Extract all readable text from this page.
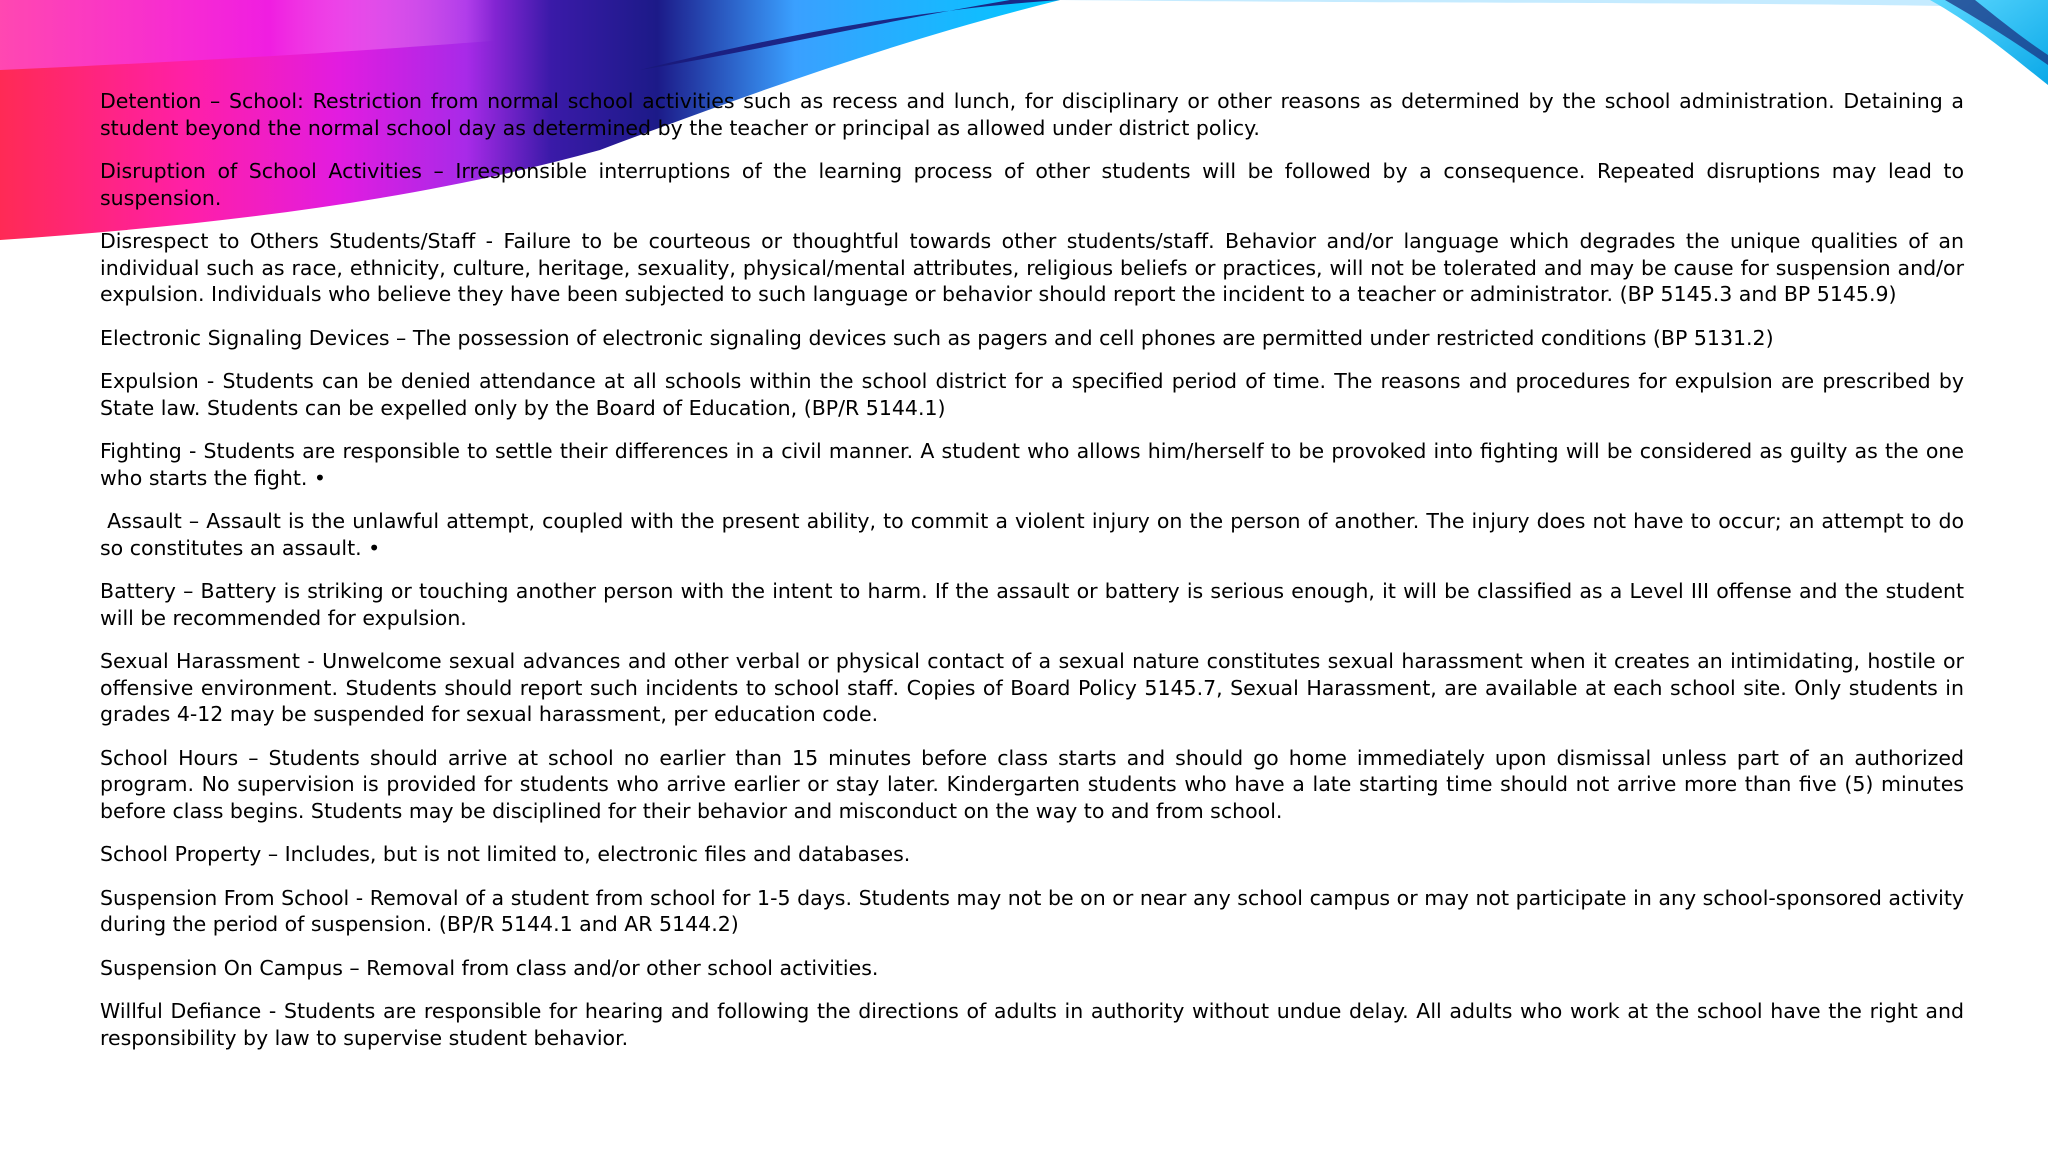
Detention – School: Restriction from normal school activities such as recess and lunch, for disciplinary or other reasons as determined by the school administration. Detaining a student beyond the normal school day as determined by the teacher or principal as allowed under district policy.

Disruption of School Activities – Irresponsible interruptions of the learning process of other students will be followed by a consequence. Repeated disruptions may lead to suspension.

Disrespect to Others Students/Staff - Failure to be courteous or thoughtful towards other students/staff. Behavior and/or language which degrades the unique qualities of an individual such as race, ethnicity, culture, heritage, sexuality, physical/mental attributes, religious beliefs or practices, will not be tolerated and may be cause for suspension and/or expulsion. Individuals who believe they have been subjected to such language or behavior should report the incident to a teacher or administrator. (BP 5145.3 and BP 5145.9)

Electronic Signaling Devices – The possession of electronic signaling devices such as pagers and cell phones are permitted under restricted conditions (BP 5131.2)

Expulsion - Students can be denied attendance at all schools within the school district for a specified period of time. The reasons and procedures for expulsion are prescribed by State law. Students can be expelled only by the Board of Education, (BP/R 5144.1)

Fighting - Students are responsible to settle their differences in a civil manner. A student who allows him/herself to be provoked into fighting will be considered as guilty as the one who starts the fight. •

Assault – Assault is the unlawful attempt, coupled with the present ability, to commit a violent injury on the person of another. The injury does not have to occur; an attempt to do so constitutes an assault. •

Battery – Battery is striking or touching another person with the intent to harm. If the assault or battery is serious enough, it will be classified as a Level III offense and the student will be recommended for expulsion.

Sexual Harassment - Unwelcome sexual advances and other verbal or physical contact of a sexual nature constitutes sexual harassment when it creates an intimidating, hostile or offensive environment. Students should report such incidents to school staff. Copies of Board Policy 5145.7, Sexual Harassment, are available at each school site. Only students in grades 4-12 may be suspended for sexual harassment, per education code.

School Hours – Students should arrive at school no earlier than 15 minutes before class starts and should go home immediately upon dismissal unless part of an authorized program. No supervision is provided for students who arrive earlier or stay later. Kindergarten students who have a late starting time should not arrive more than five (5) minutes before class begins. Students may be disciplined for their behavior and misconduct on the way to and from school.

School Property – Includes, but is not limited to, electronic files and databases.

Suspension From School - Removal of a student from school for 1-5 days. Students may not be on or near any school campus or may not participate in any school-sponsored activity during the period of suspension. (BP/R 5144.1 and AR 5144.2)

Suspension On Campus – Removal from class and/or other school activities.

Willful Defiance - Students are responsible for hearing and following the directions of adults in authority without undue delay. All adults who work at the school have the right and responsibility by law to supervise student behavior.
